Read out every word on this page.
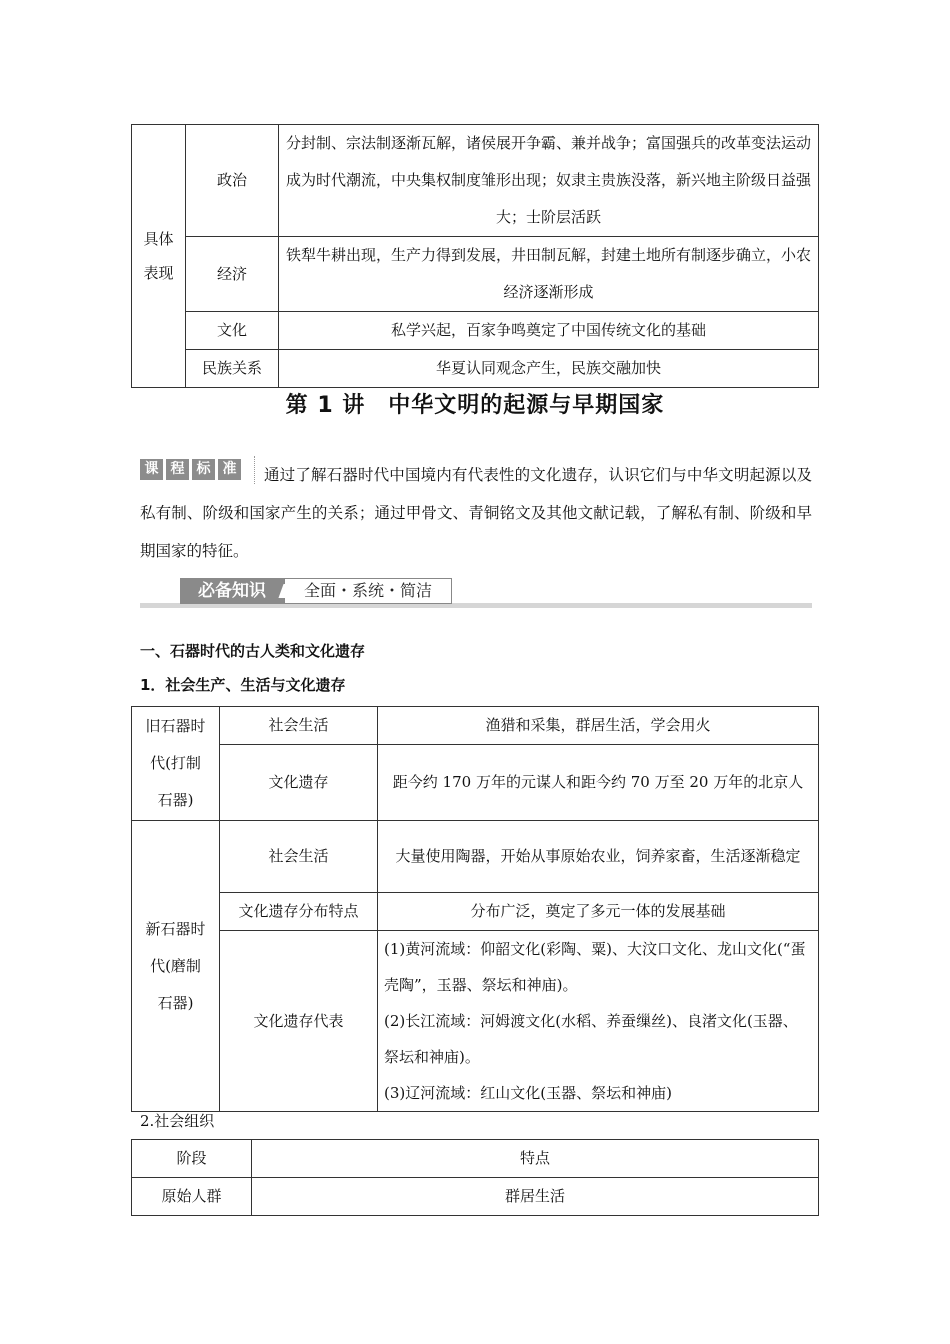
具体
表现	政治	分封制、宗法制逐渐瓦解，诸侯展开争霸、兼并战争；富国强兵的改革变法运动成为时代潮流，中央集权制度雏形出现；奴隶主贵族没落，新兴地主阶级日益强大；士阶层活跃
	经济	铁犁牛耕出现，生产力得到发展，井田制瓦解，封建土地所有制逐步确立，小农经济逐渐形成
	文化	私学兴起，百家争鸣奠定了中国传统文化的基础
	民族关系	华夏认同观念产生，民族交融加快
第 1 讲　中华文明的起源与早期国家
课 程 标 准	通过了解石器时代中国境内有代表性的文化遗存，认识它们与中华文明起源以及私有制、阶级和国家产生的关系；通过甲骨文、青铜铭文及其他文献记载，了解私有制、阶级和早期国家的特征。
必备知识	全面・系统・简洁
一、石器时代的古人类和文化遗存
1．社会生产、生活与文化遗存
旧石器时
代(打制
石器)	社会生活	渔猎和采集，群居生活，学会用火
	文化遗存	距今约 170 万年的元谋人和距今约 70 万至 20 万年的北京人
新石器时
代(磨制
石器)	社会生活	大量使用陶器，开始从事原始农业，饲养家畜，生活逐渐稳定
	文化遗存分布特点	分布广泛，奠定了多元一体的发展基础
	文化遗存代表	(1)黄河流域：仰韶文化(彩陶、粟)、大汶口文化、龙山文化(“蛋壳陶”，玉器、祭坛和神庙)。
(2)长江流域：河姆渡文化(水稻、养蚕缫丝)、良渚文化(玉器、祭坛和神庙)。
(3)辽河流域：红山文化(玉器、祭坛和神庙)
2.社会组织
阶段	特点
原始人群	群居生活
